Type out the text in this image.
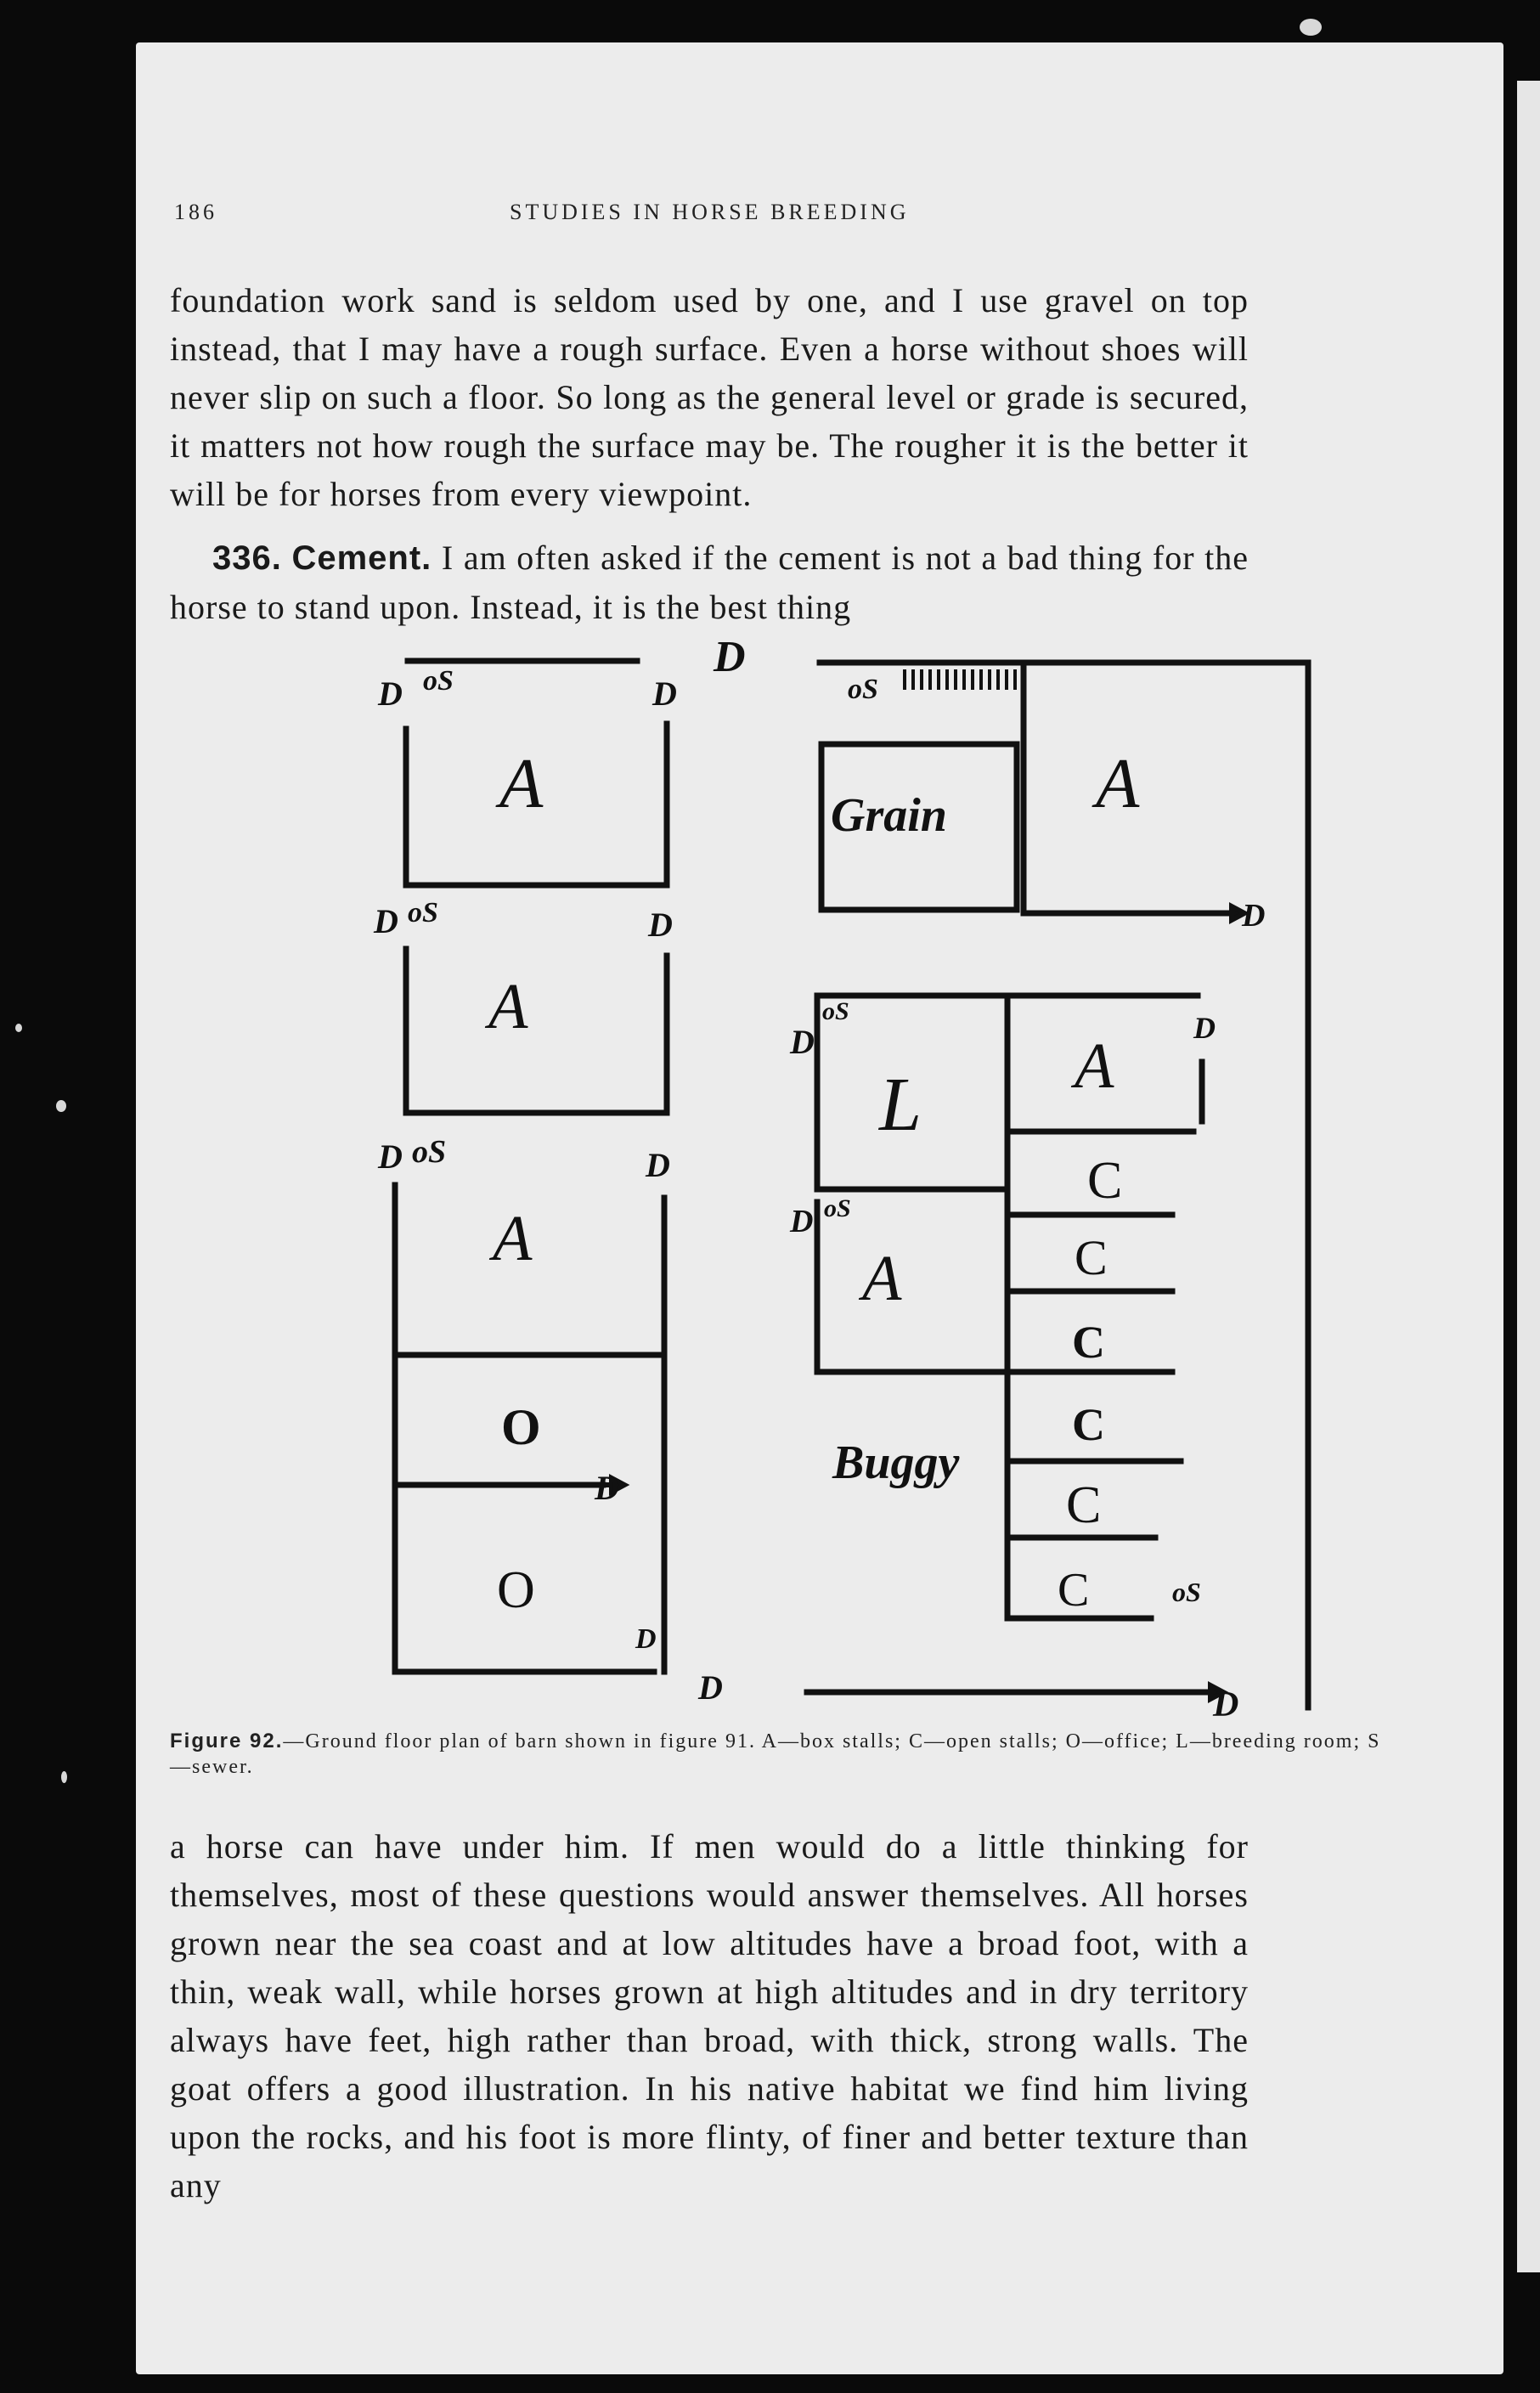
186	STUDIES IN HORSE BREEDING

foundation work sand is seldom used by one, and I use gravel on top instead, that I may have a rough surface. Even a horse without shoes will never slip on such a floor. So long as the general level or grade is secured, it matters not how rough the surface may be. The rougher it is the better it will be for horses from every viewpoint.

336. Cement. I am often asked if the cement is not a bad thing for the horse to stand upon. Instead, it is the best thing

A
A
A
A
A
A
L
O
O
C
C
C
C
C
C
Grain
Buggy
D	D
D
D	D
D	D
D
D
D
D
D
D
D
D
oS
oS
oS
oS
oS
oS
oS
Figure 92.—Ground floor plan of barn shown in figure 91. A—box stalls; C—open stalls; O—office; L—breeding room; S—sewer.

a horse can have under him. If men would do a little thinking for themselves, most of these questions would answer themselves. All horses grown near the sea coast and at low altitudes have a broad foot, with a thin, weak wall, while horses grown at high altitudes and in dry territory always have feet, high rather than broad, with thick, strong walls. The goat offers a good illustration. In his native habitat we find him living upon the rocks, and his foot is more flinty, of finer and better texture than any
